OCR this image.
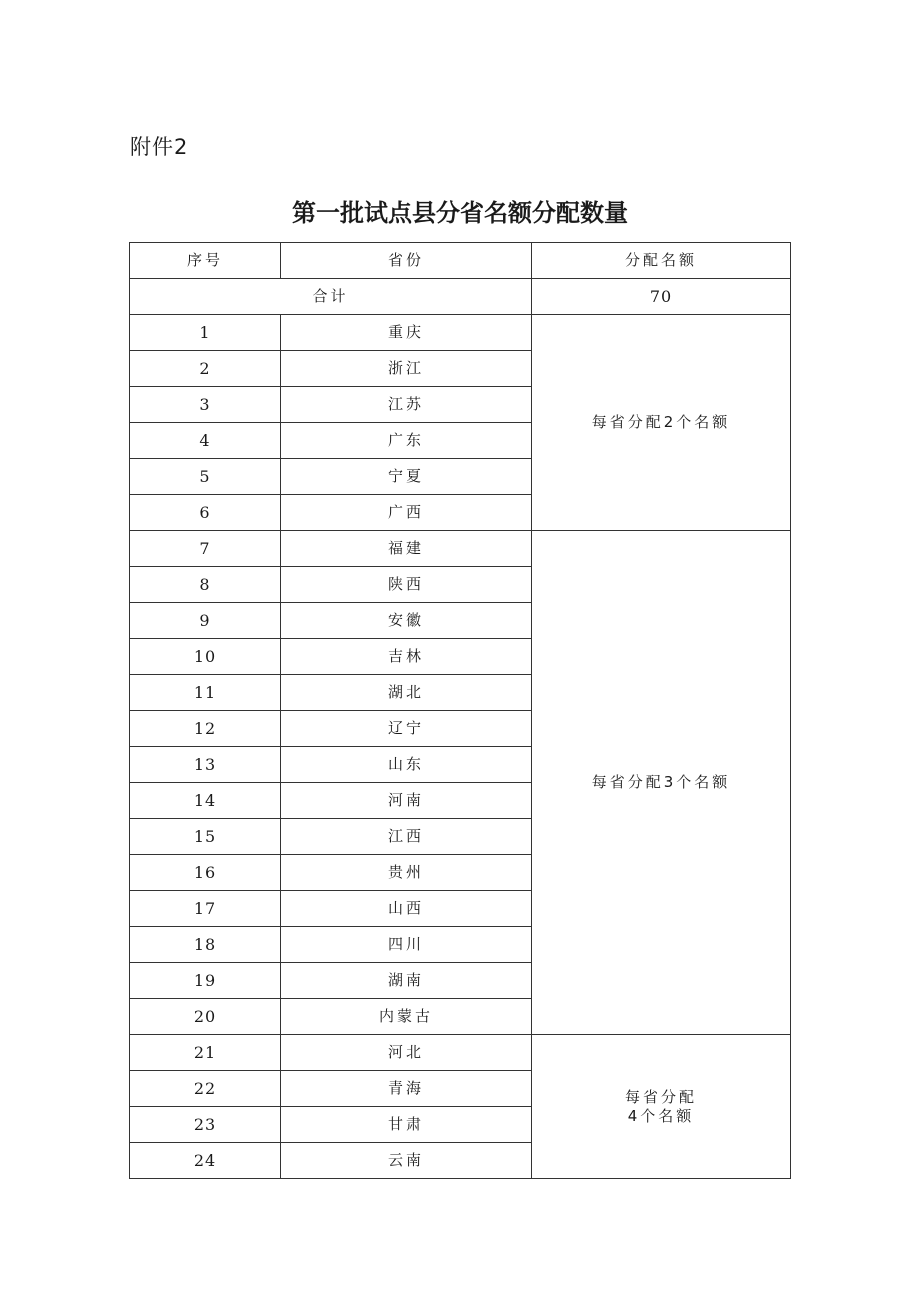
附件2
第一批试点县分省名额分配数量
序号	省份	分配名额
合计		70
1	重庆	每省分配2个名额
2	浙江	
3	江苏	
4	广东	
5	宁夏	
6	广西	
7	福建	每省分配3个名额
8	陕西	
9	安徽	
10	吉林	
11	湖北	
12	辽宁	
13	山东	
14	河南	
15	江西	
16	贵州	
17	山西	
18	四川	
19	湖南	
20	内蒙古	
21	河北	每省分配
4个名额
22	青海	
23	甘肃	
24	云南	
